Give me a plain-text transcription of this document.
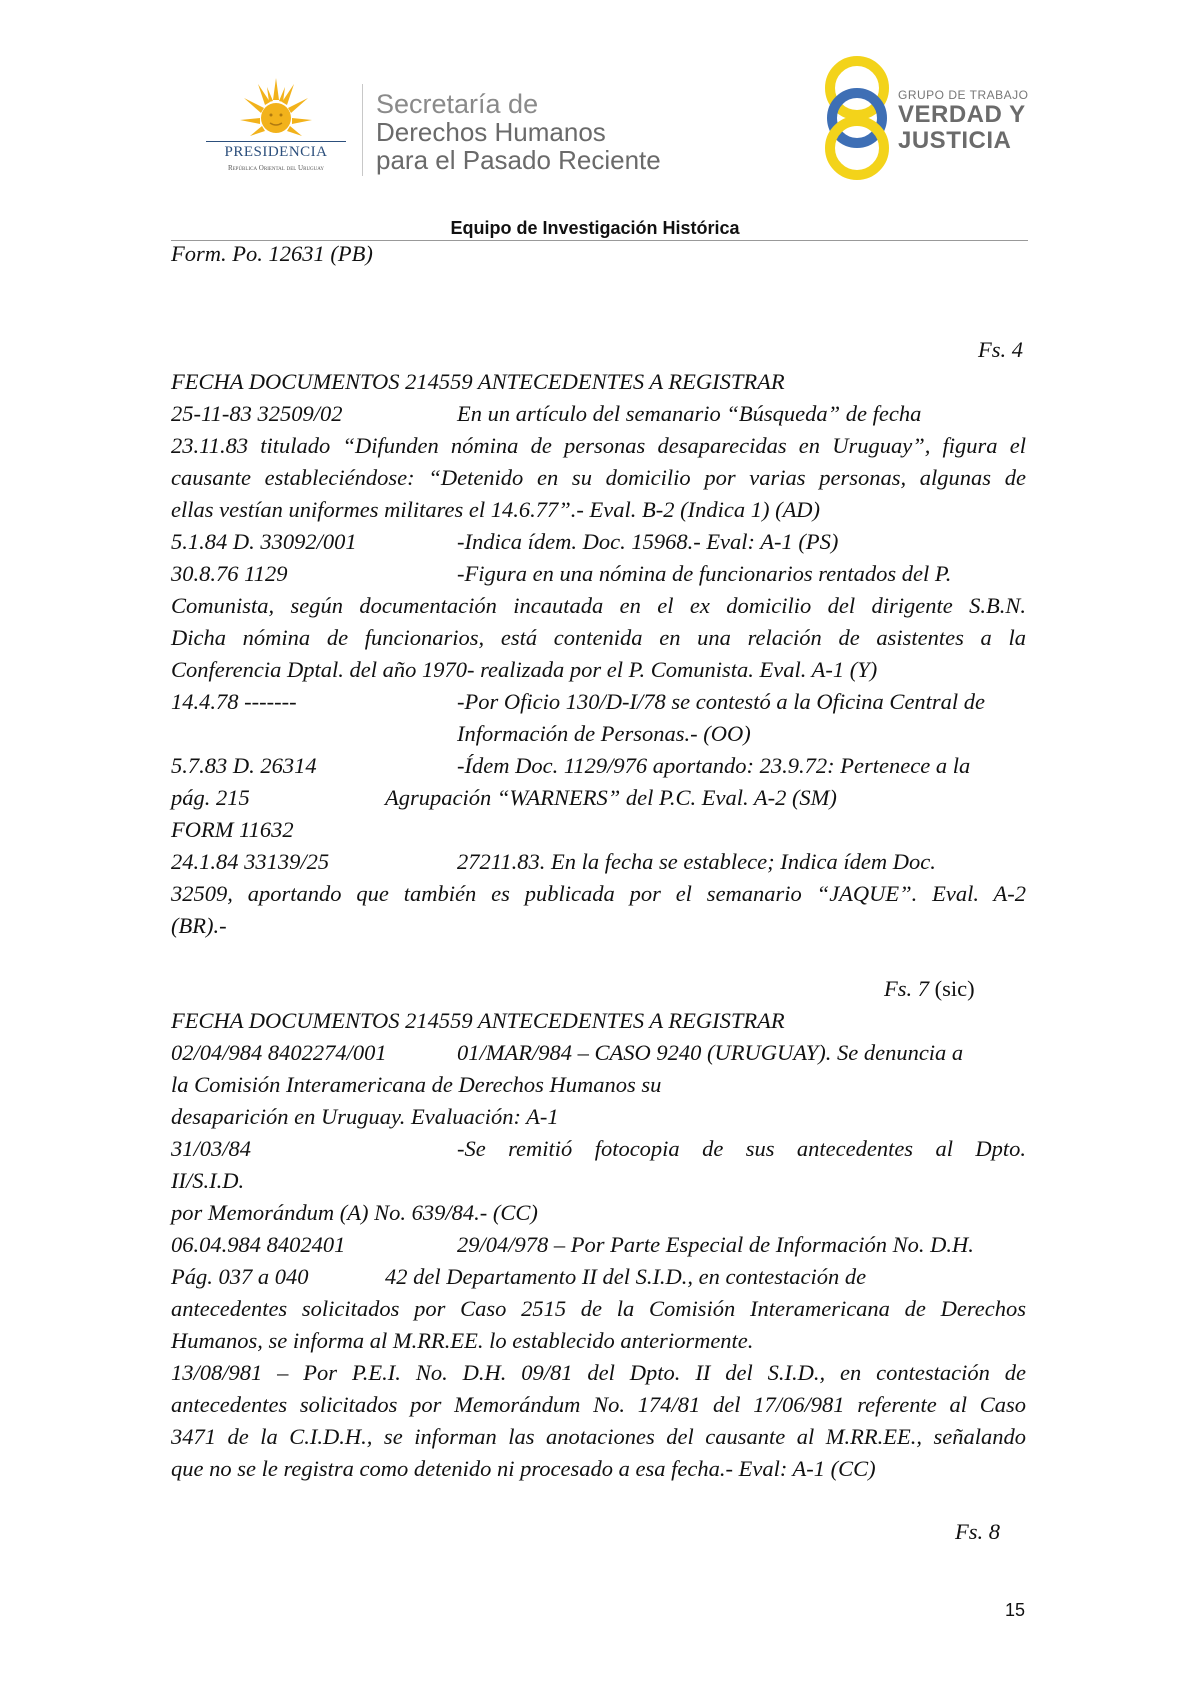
PRESIDENCIA
República Oriental del Uruguay
Secretaría de
Derechos Humanos
para el Pasado Reciente
GRUPO DE TRABAJO
VERDAD Y
JUSTICIA
Equipo de Investigación Histórica
Form. Po. 12631 (PB)
Fs. 4
FECHA DOCUMENTOS 214559 ANTECEDENTES A REGISTRAR
25-11-83 32509/02	En un artículo del semanario “Búsqueda” de fecha
23.11.83 titulado “Difunden nómina de personas desaparecidas en Uruguay”, figura el
causante estableciéndose: “Detenido en su domicilio por varias personas, algunas de
ellas vestían uniformes militares el 14.6.77”.- Eval. B-2 (Indica 1) (AD)
5.1.84 D. 33092/001	-Indica ídem. Doc. 15968.- Eval: A-1 (PS)
30.8.76 1129	-Figura en una nómina de funcionarios rentados del P.
Comunista, según documentación incautada en el ex domicilio del dirigente S.B.N.
Dicha nómina de funcionarios, está contenida en una relación de asistentes a la
Conferencia Dptal. del año 1970- realizada por el P. Comunista. Eval. A-1 (Y)
14.4.78 -------	-Por Oficio 130/D-I/78 se contestó a la Oficina Central de
Información de Personas.- (OO)
5.7.83 D. 26314	-Ídem Doc. 1129/976 aportando: 23.9.72: Pertenece a la
pág. 215	Agrupación “WARNERS” del P.C. Eval. A-2 (SM)
FORM 11632
24.1.84 33139/25	27211.83. En la fecha se establece; Indica ídem Doc.
32509, aportando que también es publicada por el semanario “JAQUE”. Eval. A-2
(BR).-
Fs. 7 (sic)
FECHA DOCUMENTOS 214559 ANTECEDENTES A REGISTRAR
02/04/984 8402274/001	01/MAR/984 – CASO 9240 (URUGUAY). Se denuncia a
la Comisión Interamericana de Derechos Humanos su
desaparición en Uruguay. Evaluación: A-1
31/03/84	-Se remitió fotocopia de sus antecedentes al Dpto.
II/S.I.D.
por Memorándum (A) No. 639/84.- (CC)
06.04.984 8402401	29/04/978 – Por Parte Especial de Información No. D.H.
Pág. 037 a 040	42 del Departamento II del S.I.D., en contestación de
antecedentes solicitados por Caso 2515 de la Comisión Interamericana de Derechos
Humanos, se informa al M.RR.EE. lo establecido anteriormente.
13/08/981 – Por P.E.I. No. D.H. 09/81 del Dpto. II del S.I.D., en contestación de
antecedentes solicitados por Memorándum No. 174/81 del 17/06/981 referente al Caso
3471 de la C.I.D.H., se informan las anotaciones del causante al M.RR.EE., señalando
que no se le registra como detenido ni procesado a esa fecha.- Eval: A-1 (CC)
Fs. 8
15
